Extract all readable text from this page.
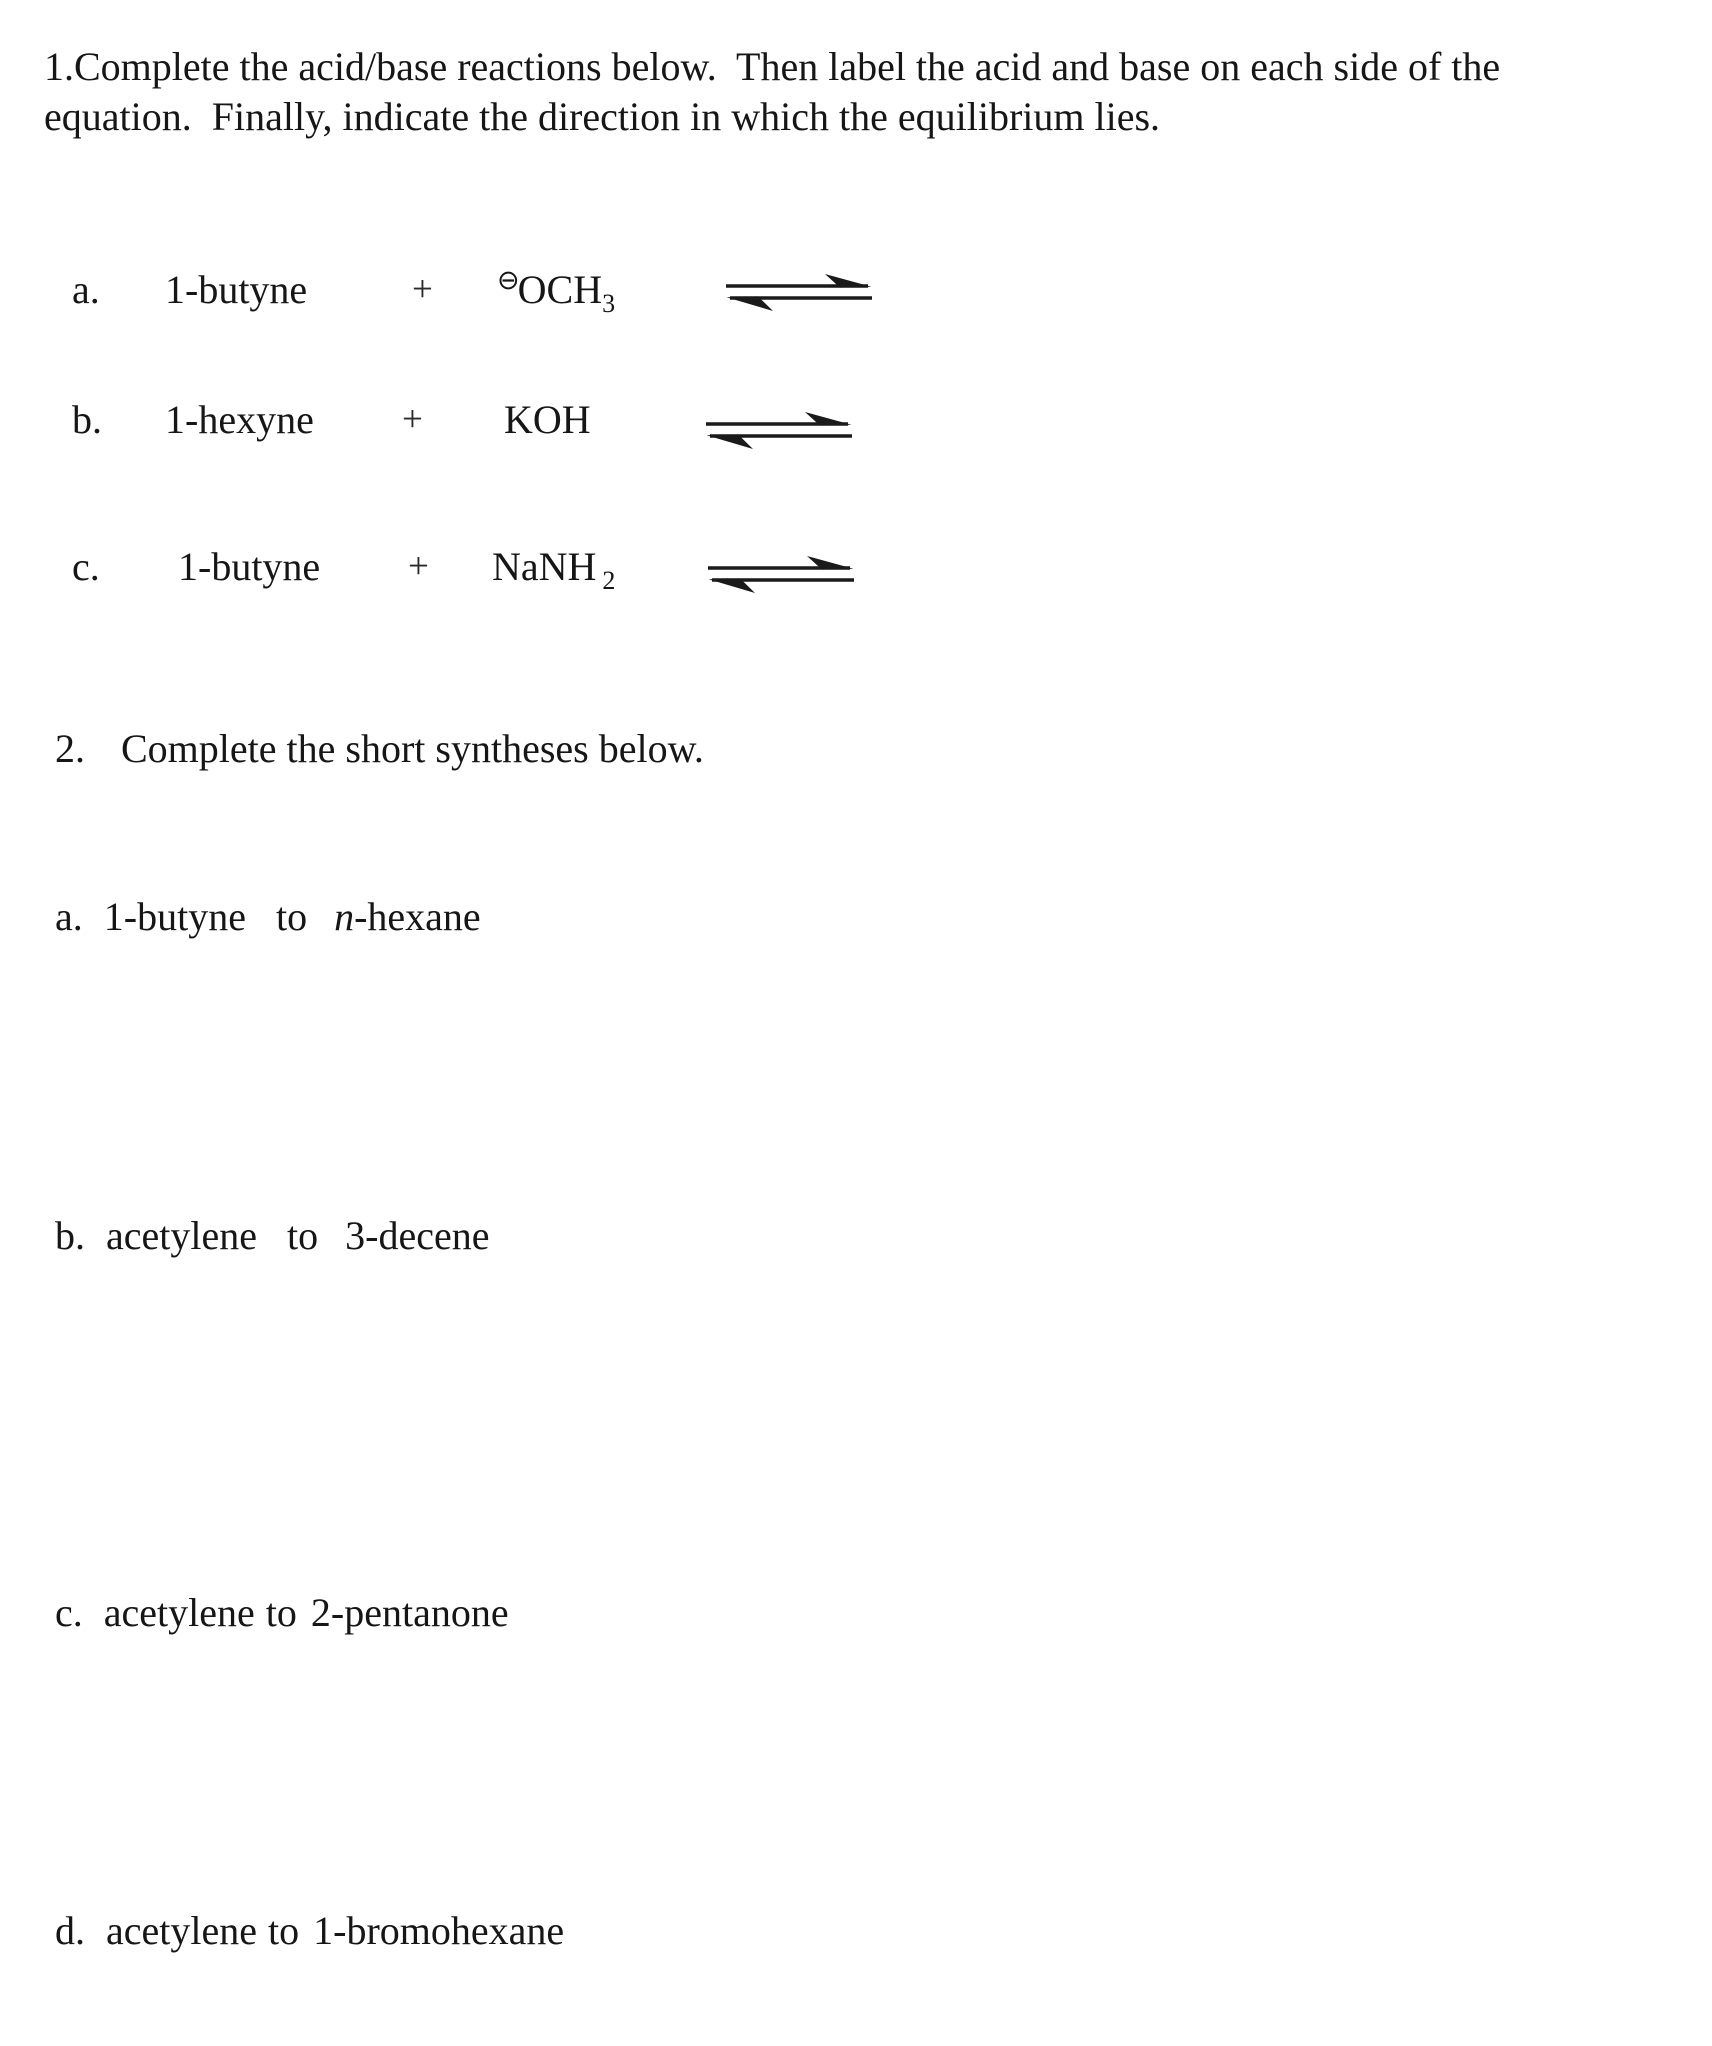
1.Complete the acid/base reactions below.  Then label the acid and base on each side of the
equation.  Finally, indicate the direction in which the equilibrium lies.
a. 1-butyne	+ $^⊖OCH_3$
b. 1-hexyne + KOH
c. 1-butyne + NaNH $_2$
2. Complete the short syntheses below.
a. 1-butyne to n-hexane
b. acetylene to 3-decene
c. acetylene to 2-pentanone
d. acetylene to 1-bromohexane
